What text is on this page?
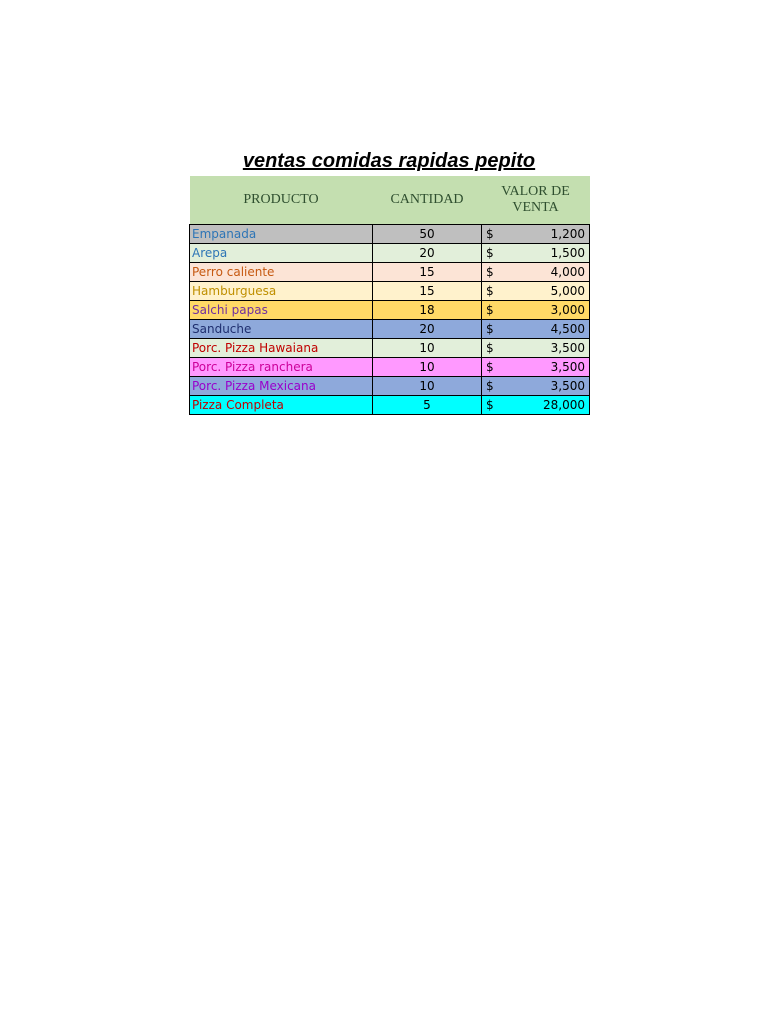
ventas comidas rapidas pepito
PRODUCTO	CANTIDAD	VALOR DE
VENTA
Empanada	50	$ 1,200

Arepa	20	$ 1,500

Perro caliente	15	$ 4,000

Hamburguesa	15	$ 5,000

Salchi papas	18	$ 3,000

Sanduche	20	$ 4,500

Porc. Pizza Hawaiana	10	$ 3,500

Porc. Pizza ranchera	10	$ 3,500

Porc. Pizza Mexicana	10	$ 3,500

Pizza Completa	5	$ 28,000
